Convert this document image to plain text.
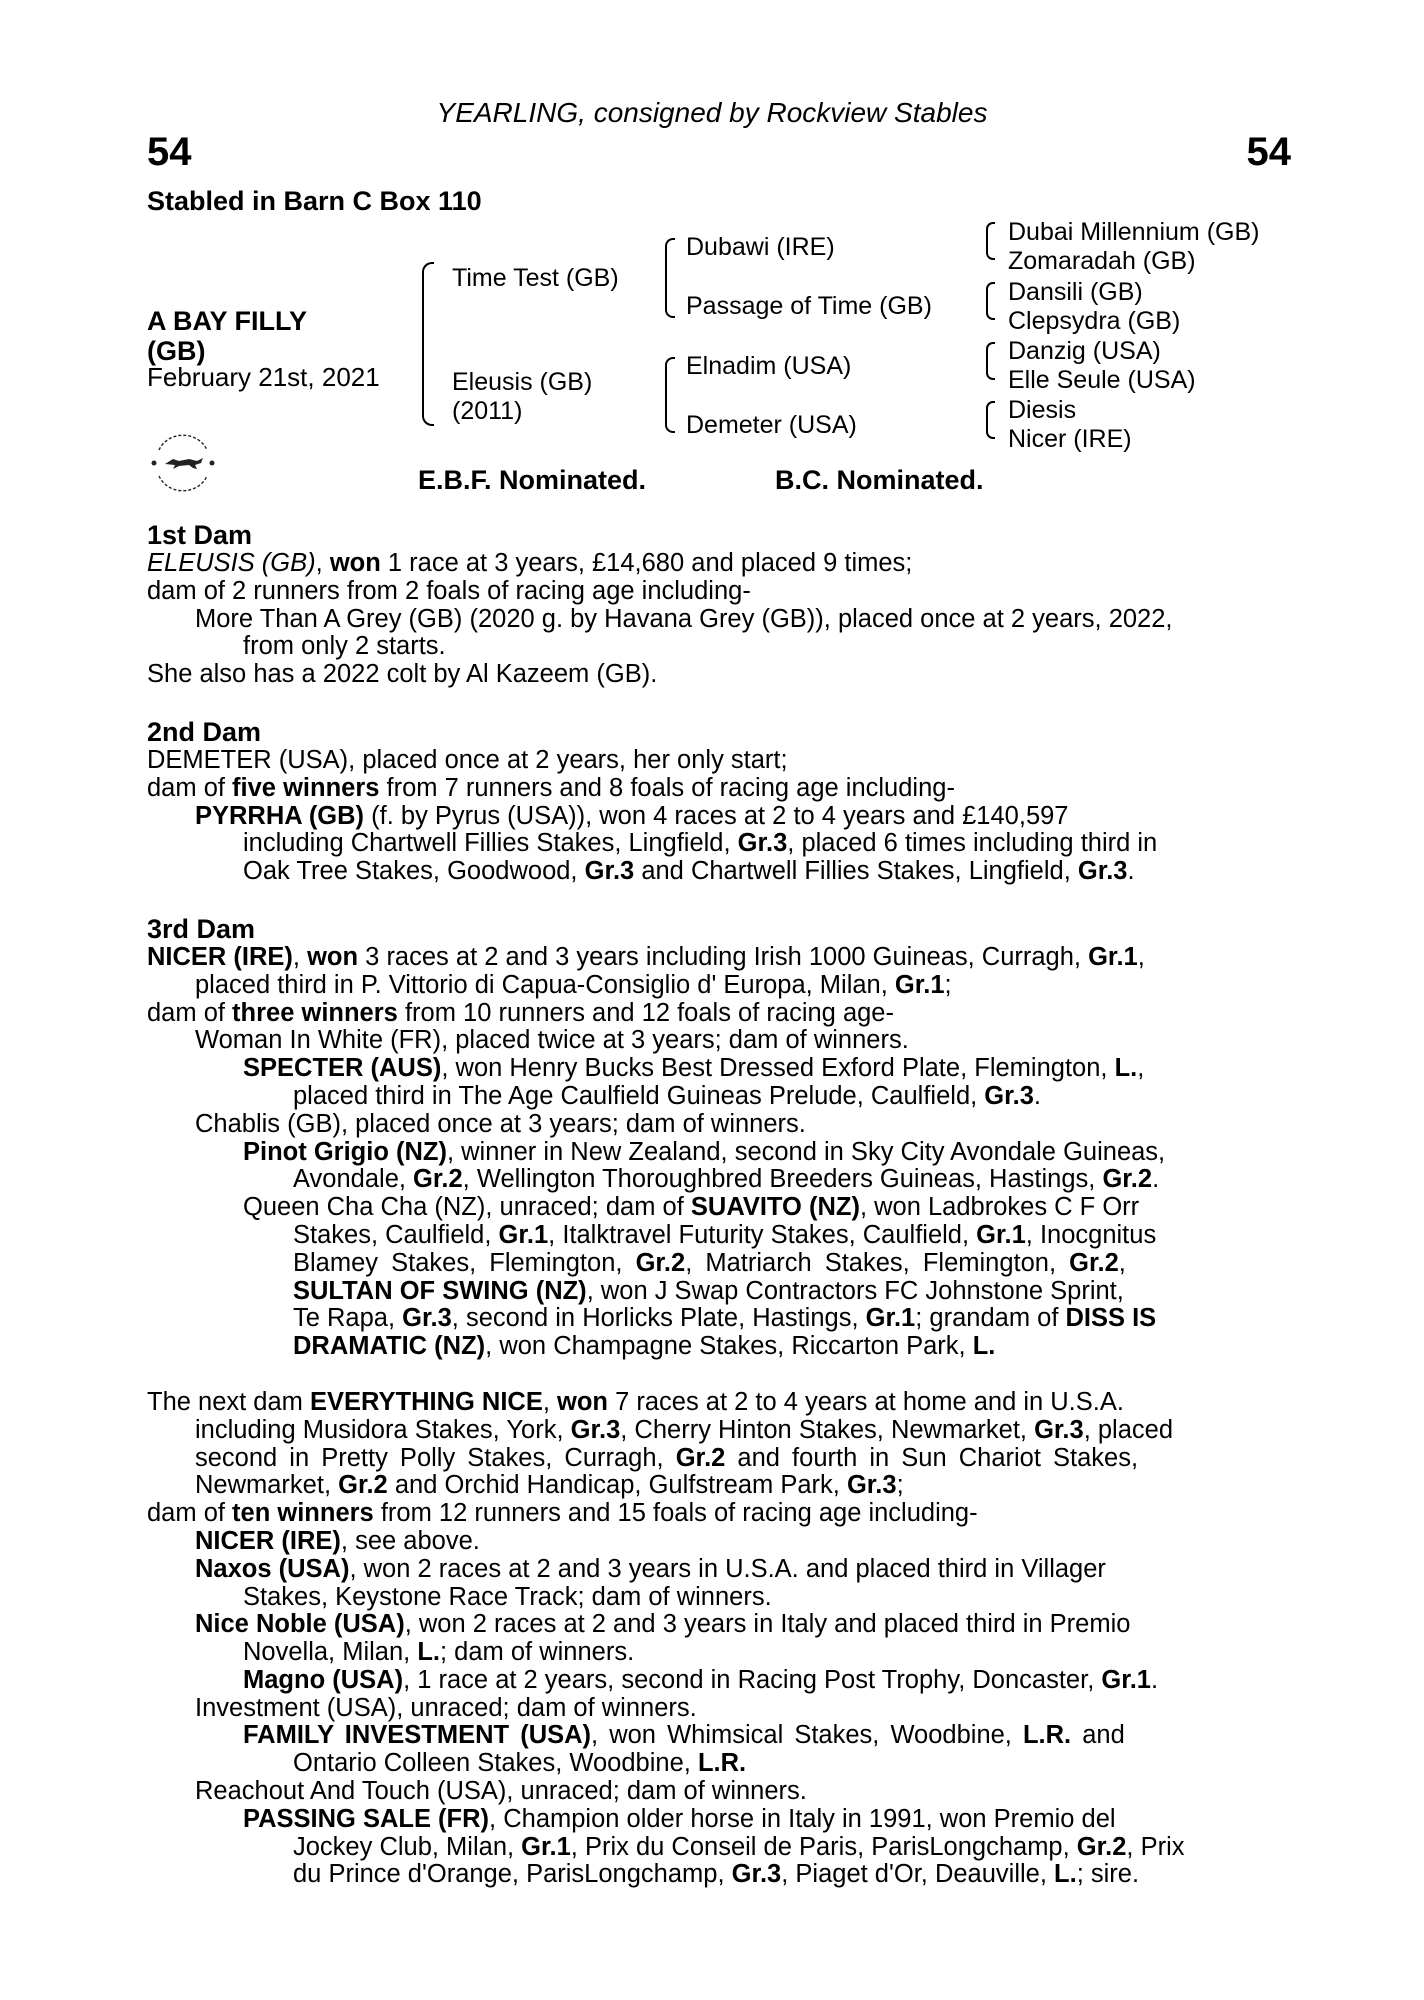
YEARLING, consigned by Rockview Stables
54	54
Stabled in Barn C Box 110
A BAY FILLY
(GB)
February 21st, 2021
Time Test (GB)
Eleusis (GB)
(2011)
Dubawi (IRE)
Passage of Time (GB)
Elnadim (USA)
Demeter (USA)
Dubai Millennium (GB)
Zomaradah (GB)
Dansili (GB)
Clepsydra (GB)
Danzig (USA)
Elle Seule (USA)
Diesis
Nicer (IRE)
E.B.F. Nominated.	B.C. Nominated.

1st Dam

ELEUSIS (GB), won 1 race at 3 years, £14,680 and placed 9 times;
dam of 2 runners from 2 foals of racing age including-
More Than A Grey (GB) (2020 g. by Havana Grey (GB)), placed once at 2 years, 2022,
from only 2 starts.
She also has a 2022 colt by Al Kazeem (GB).

2nd Dam

DEMETER (USA), placed once at 2 years, her only start;
dam of five winners from 7 runners and 8 foals of racing age including-
PYRRHA (GB) (f. by Pyrus (USA)), won 4 races at 2 to 4 years and £140,597
including Chartwell Fillies Stakes, Lingfield, Gr.3, placed 6 times including third in
Oak Tree Stakes, Goodwood, Gr.3 and Chartwell Fillies Stakes, Lingfield, Gr.3.

3rd Dam

NICER (IRE), won 3 races at 2 and 3 years including Irish 1000 Guineas, Curragh, Gr.1,
placed third in P. Vittorio di Capua-Consiglio d' Europa, Milan, Gr.1;
dam of three winners from 10 runners and 12 foals of racing age-
Woman In White (FR), placed twice at 3 years; dam of winners.
SPECTER (AUS), won Henry Bucks Best Dressed Exford Plate, Flemington, L.,
placed third in The Age Caulfield Guineas Prelude, Caulfield, Gr.3.
Chablis (GB), placed once at 3 years; dam of winners.
Pinot Grigio (NZ), winner in New Zealand, second in Sky City Avondale Guineas,
Avondale, Gr.2, Wellington Thoroughbred Breeders Guineas, Hastings, Gr.2.
Queen Cha Cha (NZ), unraced; dam of SUAVITO (NZ), won Ladbrokes C F Orr
Stakes, Caulfield, Gr.1, Italktravel Futurity Stakes, Caulfield, Gr.1, Inocgnitus
Blamey Stakes, Flemington, Gr.2, Matriarch Stakes, Flemington, Gr.2,
SULTAN OF SWING (NZ), won J Swap Contractors FC Johnstone Sprint,
Te Rapa, Gr.3, second in Horlicks Plate, Hastings, Gr.1; grandam of DISS IS
DRAMATIC (NZ), won Champagne Stakes, Riccarton Park, L.
The next dam EVERYTHING NICE, won 7 races at 2 to 4 years at home and in U.S.A.
including Musidora Stakes, York, Gr.3, Cherry Hinton Stakes, Newmarket, Gr.3, placed
second in Pretty Polly Stakes, Curragh, Gr.2 and fourth in Sun Chariot Stakes,
Newmarket, Gr.2 and Orchid Handicap, Gulfstream Park, Gr.3;
dam of ten winners from 12 runners and 15 foals of racing age including-
NICER (IRE), see above.
Naxos (USA), won 2 races at 2 and 3 years in U.S.A. and placed third in Villager
Stakes, Keystone Race Track; dam of winners.
Nice Noble (USA), won 2 races at 2 and 3 years in Italy and placed third in Premio
Novella, Milan, L.; dam of winners.
Magno (USA), 1 race at 2 years, second in Racing Post Trophy, Doncaster, Gr.1.
Investment (USA), unraced; dam of winners.
FAMILY INVESTMENT (USA), won Whimsical Stakes, Woodbine, L.R. and
Ontario Colleen Stakes, Woodbine, L.R.
Reachout And Touch (USA), unraced; dam of winners.
PASSING SALE (FR), Champion older horse in Italy in 1991, won Premio del
Jockey Club, Milan, Gr.1, Prix du Conseil de Paris, ParisLongchamp, Gr.2, Prix
du Prince d'Orange, ParisLongchamp, Gr.3, Piaget d'Or, Deauville, L.; sire.
